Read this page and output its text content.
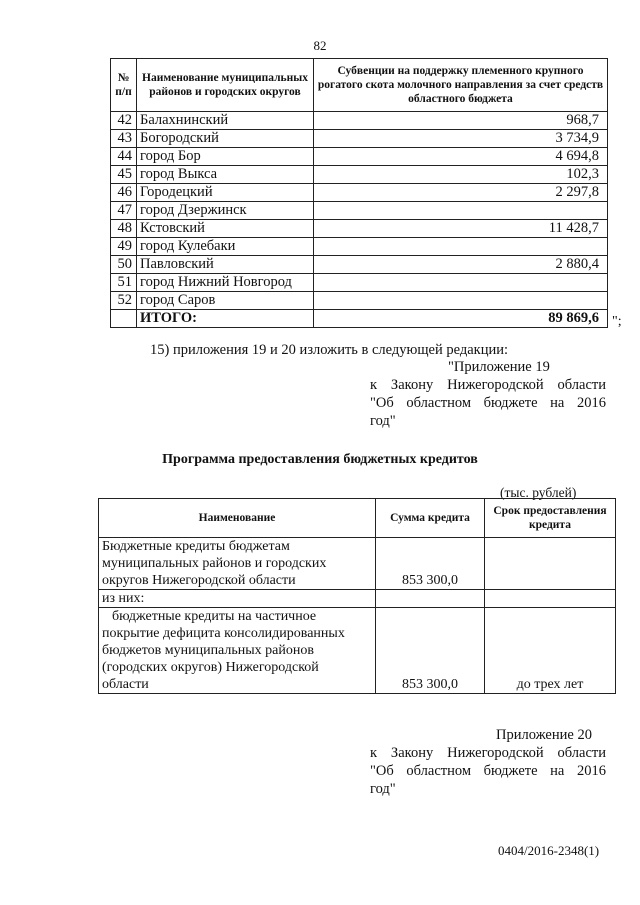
82
№ п/п	Наименование муниципальных районов и городских округов	Субвенции на поддержку племенного крупного рогатого скота молочного направления за счет средств областного бюджета
42	Балахнинский	968,7
43	Богородский	3 734,9
44	город Бор	4 694,8
45	город Выкса	102,3
46	Городецкий	2 297,8
47	город Дзержинск	
48	Кстовский	11 428,7
49	город Кулебаки	
50	Павловский	2 880,4
51	город Нижний Новгород	
52	город Саров	
	ИТОГО:	89 869,6 ";
15) приложения 19 и 20 изложить в следующей редакции:
"Приложение 19
к Закону Нижегородской области
"Об областном бюджете на 2016
год"
Программа предоставления бюджетных кредитов
(тыс. рублей)
Наименование	Сумма кредита	Срок предоставления кредита

Бюджетные кредиты бюджетам
муниципальных районов и городских
округов Нижегородской области	853 300,0	
из них:		

бюджетные кредиты на частичное
покрытие дефицита консолидированных
бюджетов муниципальных районов
(городских округов) Нижегородской
области	853 300,0	до трех лет
Приложение 20
к Закону Нижегородской области
"Об областном бюджете на 2016
год"
0404/2016-2348(1)
